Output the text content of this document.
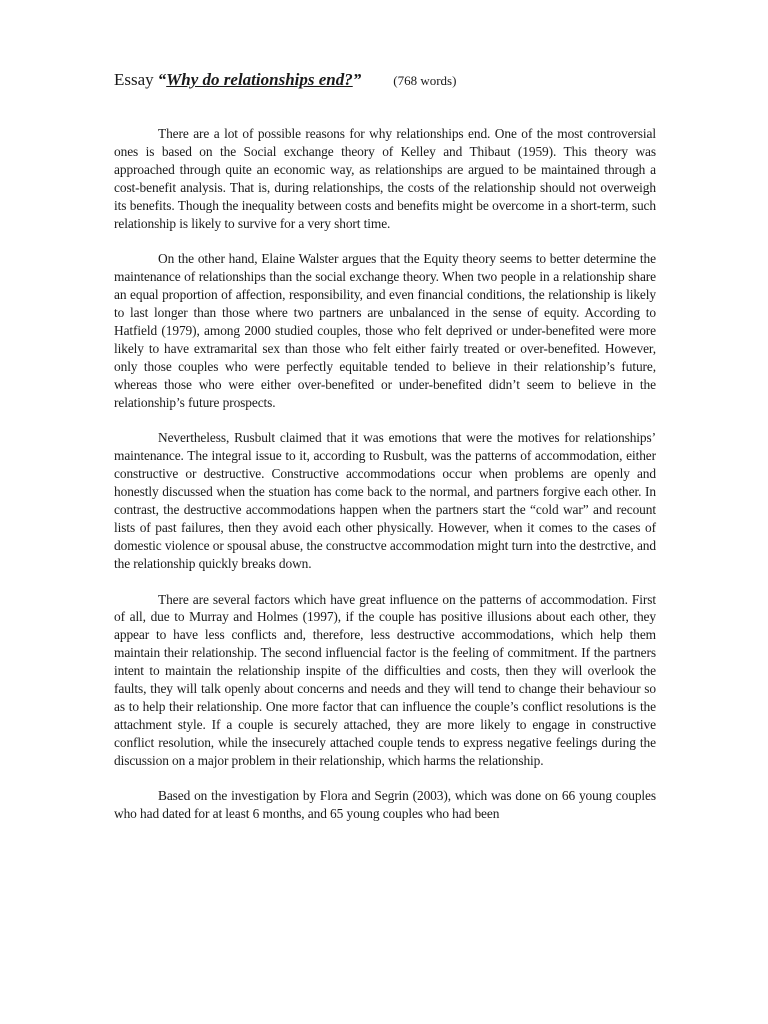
Essay “Why do relationships end?” (768 words)

There are a lot of possible reasons for why relationships end. One of the most controversial ones is based on the Social exchange theory of Kelley and Thibaut (1959). This theory was approached through quite an economic way, as relationships are argued to be maintained through a cost-benefit analysis. That is, during relationships, the costs of the relationship should not overweigh its benefits. Though the inequality between costs and benefits might be overcome in a short-term, such relationship is likely to survive for a very short time.

On the other hand, Elaine Walster argues that the Equity theory seems to better determine the maintenance of relationships than the social exchange theory. When two people in a relationship share an equal proportion of affection, responsibility, and even financial conditions, the relationship is likely to last longer than those where two partners are unbalanced in the sense of equity. According to Hatfield (1979), among 2000 studied couples, those who felt deprived or under-benefited were more likely to have extramarital sex than those who felt either fairly treated or over-benefited. However, only those couples who were perfectly equitable tended to believe in their relationship’s future, whereas those who were either over-benefited or under-benefited didn’t seem to believe in the relationship’s future prospects.

Nevertheless, Rusbult claimed that it was emotions that were the motives for relationships’ maintenance. The integral issue to it, according to Rusbult, was the patterns of accommodation, either constructive or destructive. Constructive accommodations occur when problems are openly and honestly discussed when the stuation has come back to the normal, and partners forgive each other. In contrast, the destructive accommodations happen when the partners start the “cold war” and recount lists of past failures, then they avoid each other physically. However, when it comes to the cases of domestic violence or spousal abuse, the constructve accommodation might turn into the destrctive, and the relationship quickly breaks down.

There are several factors which have great influence on the patterns of accommodation. First of all, due to Murray and Holmes (1997), if the couple has positive illusions about each other, they appear to have less conflicts and, therefore, less destructive accommodations, which help them maintain their relationship. The second influencial factor is the feeling of commitment. If the partners intent to maintain the relationship inspite of the difficulties and costs, then they will overlook the faults, they will talk openly about concerns and needs and they will tend to change their behaviour so as to help their relationship. One more factor that can influence the couple’s conflict resolutions is the attachment style. If a couple is securely attached, they are more likely to engage in constructive conflict resolution, while the insecurely attached couple tends to express negative feelings during the discussion on a major problem in their relationship, which harms the relationship.

Based on the investigation by Flora and Segrin (2003), which was done on 66 young couples who had dated for at least 6 months, and 65 young couples who had been
